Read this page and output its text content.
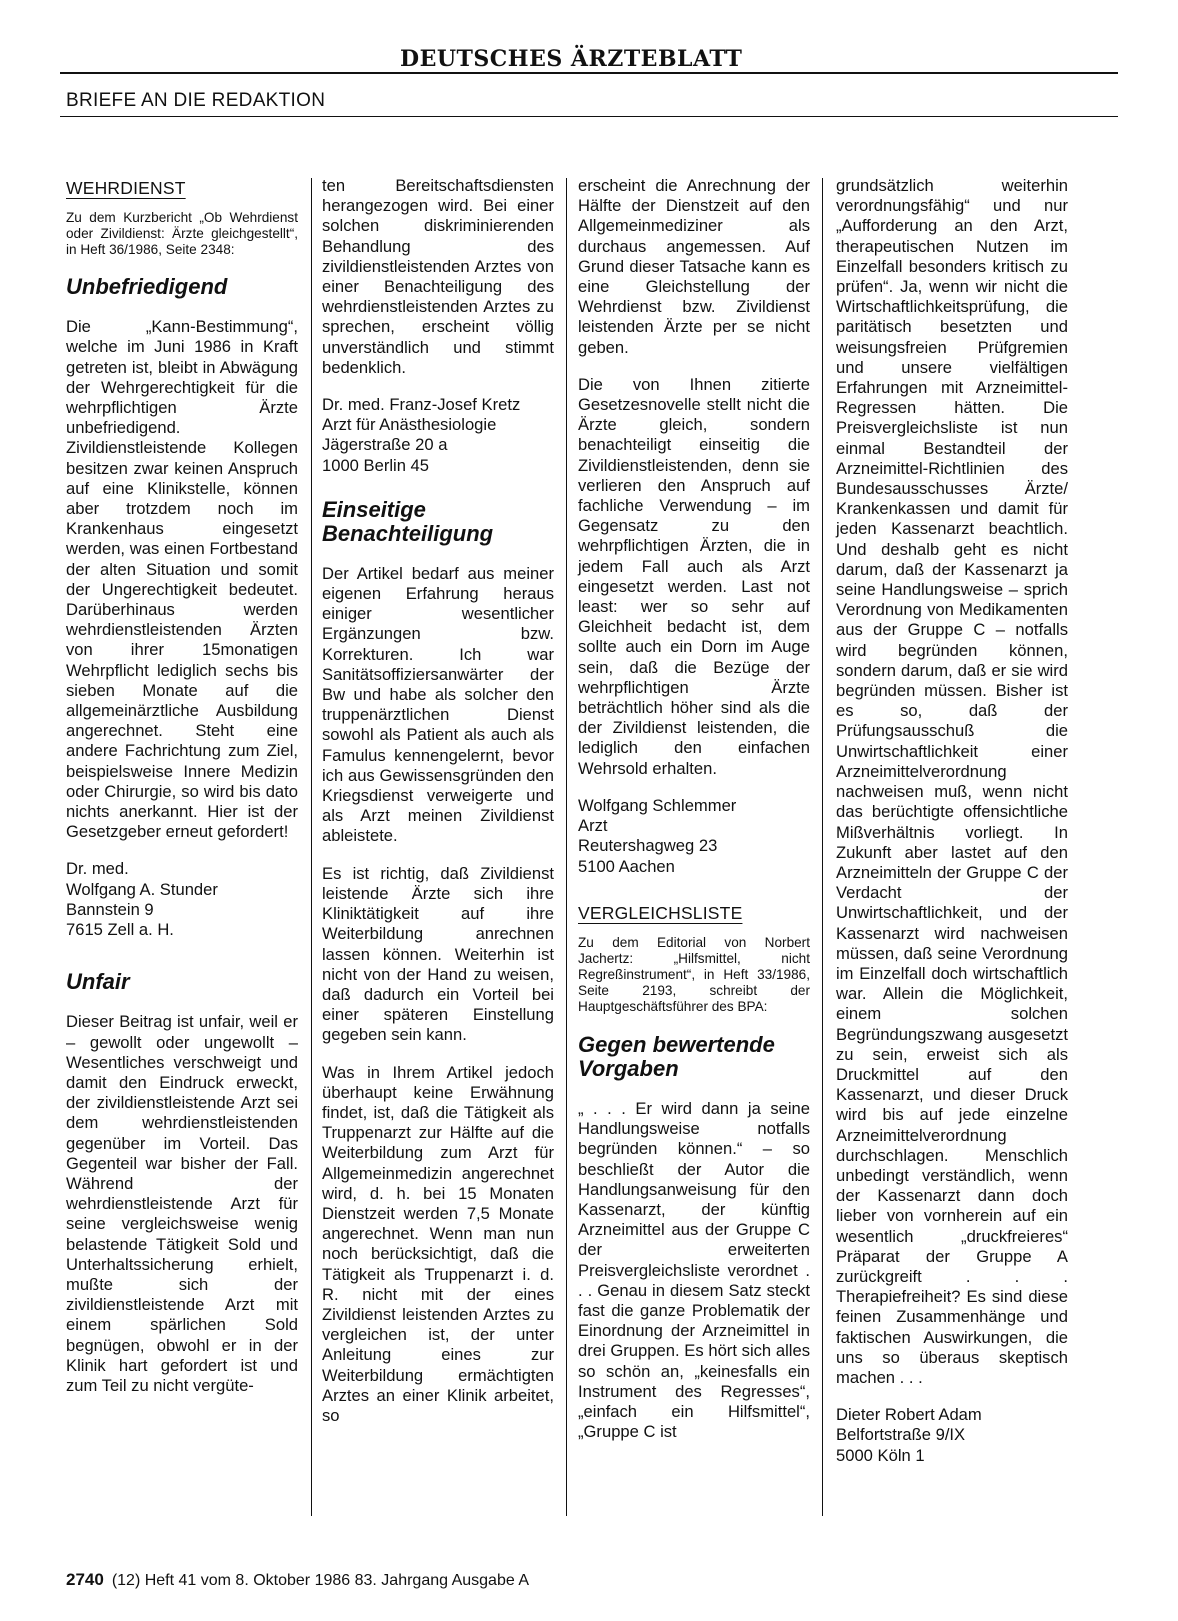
DEUTSCHES ÄRZTEBLATT
BRIEFE AN DIE REDAKTION
WEHRDIENST

Zu dem Kurzbericht „Ob Wehrdienst oder Zivildienst: Ärzte gleichgestellt“, in Heft 36/1986, Seite 2348:

Unbefriedigend

Die „Kann-Bestimmung“, welche im Juni 1986 in Kraft getreten ist, bleibt in Abwägung der Wehrgerechtigkeit für die wehrpflichtigen Ärzte unbefriedigend. Zivildienstleistende Kollegen besitzen zwar keinen Anspruch auf eine Klinikstelle, können aber trotzdem noch im Krankenhaus eingesetzt werden, was einen Fortbestand der alten Situation und somit der Ungerechtigkeit bedeutet. Darüberhinaus werden wehrdienstleistenden Ärzten von ihrer 15monatigen Wehrpflicht lediglich sechs bis sieben Monate auf die allgemeinärztliche Ausbildung angerechnet. Steht eine andere Fachrichtung zum Ziel, beispielsweise Innere Medizin oder Chirurgie, so wird bis dato nichts anerkannt. Hier ist der Gesetzgeber erneut gefordert!

Dr. med.
Wolfgang A. Stunder
Bannstein 9
7615 Zell a. H.
Unfair

Dieser Beitrag ist unfair, weil er – gewollt oder ungewollt – Wesentliches verschweigt und damit den Eindruck erweckt, der zivildienstleistende Arzt sei dem wehrdienstleistenden gegenüber im Vorteil. Das Gegenteil war bisher der Fall. Während der wehrdienstleistende Arzt für seine vergleichsweise wenig belastende Tätigkeit Sold und Unterhaltssicherung erhielt, mußte sich der zivildienstleistende Arzt mit einem spärlichen Sold begnügen, obwohl er in der Klinik hart gefordert ist und zum Teil zu nicht vergüte-

ten Bereitschaftsdiensten herangezogen wird. Bei einer solchen diskriminierenden Behandlung des zivildienstleistenden Arztes von einer Benachteiligung des wehrdienstleistenden Arztes zu sprechen, erscheint völlig unverständlich und stimmt bedenklich.

Dr. med. Franz-Josef Kretz
Arzt für Anästhesiologie
Jägerstraße 20 a
1000 Berlin 45
Einseitige Benachteiligung

Der Artikel bedarf aus meiner eigenen Erfahrung heraus einiger wesentlicher Ergänzungen bzw. Korrekturen. Ich war Sanitätsoffiziersanwärter der Bw und habe als solcher den truppenärztlichen Dienst sowohl als Patient als auch als Famulus kennengelernt, bevor ich aus Gewissensgründen den Kriegsdienst verweigerte und als Arzt meinen Zivildienst ableistete.

Es ist richtig, daß Zivildienst leistende Ärzte sich ihre Kliniktätigkeit auf ihre Weiterbildung anrechnen lassen können. Weiterhin ist nicht von der Hand zu weisen, daß dadurch ein Vorteil bei einer späteren Einstellung gegeben sein kann.

Was in Ihrem Artikel jedoch überhaupt keine Erwähnung findet, ist, daß die Tätigkeit als Truppenarzt zur Hälfte auf die Weiterbildung zum Arzt für Allgemeinmedizin angerechnet wird, d. h. bei 15 Monaten Dienstzeit werden 7,5 Monate angerechnet. Wenn man nun noch berücksichtigt, daß die Tätigkeit als Truppenarzt i. d. R. nicht mit der eines Zivildienst leistenden Arztes zu vergleichen ist, der unter Anleitung eines zur Weiterbildung ermächtigten Arztes an einer Klinik arbeitet, so

erscheint die Anrechnung der Hälfte der Dienstzeit auf den Allgemeinmediziner als durchaus angemessen. Auf Grund dieser Tatsache kann es eine Gleichstellung der Wehrdienst bzw. Zivildienst leistenden Ärzte per se nicht geben.

Die von Ihnen zitierte Gesetzesnovelle stellt nicht die Ärzte gleich, sondern benachteiligt einseitig die Zivildienstleistenden, denn sie verlieren den Anspruch auf fachliche Verwendung – im Gegensatz zu den wehrpflichtigen Ärzten, die in jedem Fall auch als Arzt eingesetzt werden. Last not least: wer so sehr auf Gleichheit bedacht ist, dem sollte auch ein Dorn im Auge sein, daß die Bezüge der wehrpflichtigen Ärzte beträchtlich höher sind als die der Zivildienst leistenden, die lediglich den einfachen Wehrsold erhalten.

Wolfgang Schlemmer
Arzt
Reutershagweg 23
5100 Aachen
VERGLEICHSLISTE

Zu dem Editorial von Norbert Jachertz: „Hilfsmittel, nicht Regreßinstrument“, in Heft 33/1986, Seite 2193, schreibt der Hauptgeschäftsführer des BPA:

Gegen bewertende Vorgaben

„ . . . Er wird dann ja seine Handlungsweise notfalls begründen können.“ – so beschließt der Autor die Handlungsanweisung für den Kassenarzt, der künftig Arzneimittel aus der Gruppe C der erweiterten Preisvergleichsliste verordnet . . . Genau in diesem Satz steckt fast die ganze Problematik der Einordnung der Arzneimittel in drei Gruppen. Es hört sich alles so schön an, „keinesfalls ein Instrument des Regresses“, „einfach ein Hilfsmittel“, „Gruppe C ist

grundsätzlich weiterhin verordnungsfähig“ und nur „Aufforderung an den Arzt, therapeutischen Nutzen im Einzelfall besonders kritisch zu prüfen“. Ja, wenn wir nicht die Wirtschaftlichkeitsprüfung, die paritätisch besetzten und weisungsfreien Prüfgremien und unsere vielfältigen Erfahrungen mit Arzneimittel-Regressen hätten. Die Preisvergleichsliste ist nun einmal Bestandteil der Arzneimittel-Richtlinien des Bundesausschusses Ärzte/ Krankenkassen und damit für jeden Kassenarzt beachtlich. Und deshalb geht es nicht darum, daß der Kassenarzt ja seine Handlungsweise – sprich Verordnung von Medikamenten aus der Gruppe C – notfalls wird begründen können, sondern darum, daß er sie wird begründen müssen. Bisher ist es so, daß der Prüfungsausschuß die Unwirtschaftlichkeit einer Arzneimittelverordnung nachweisen muß, wenn nicht das berüchtigte offensichtliche Mißverhältnis vorliegt. In Zukunft aber lastet auf den Arzneimitteln der Gruppe C der Verdacht der Unwirtschaftlichkeit, und der Kassenarzt wird nachweisen müssen, daß seine Verordnung im Einzelfall doch wirtschaftlich war. Allein die Möglichkeit, einem solchen Begründungszwang ausgesetzt zu sein, erweist sich als Druckmittel auf den Kassenarzt, und dieser Druck wird bis auf jede einzelne Arzneimittelverordnung durchschlagen. Menschlich unbedingt verständlich, wenn der Kassenarzt dann doch lieber von vornherein auf ein wesentlich „druckfreieres“ Präparat der Gruppe A zurückgreift . . . Therapiefreiheit? Es sind diese feinen Zusammenhänge und faktischen Auswirkungen, die uns so überaus skeptisch machen . . .

Dieter Robert Adam
Belfortstraße 9/IX
5000 Köln 1
2740 (12) Heft 41 vom 8. Oktober 1986 83. Jahrgang Ausgabe A
